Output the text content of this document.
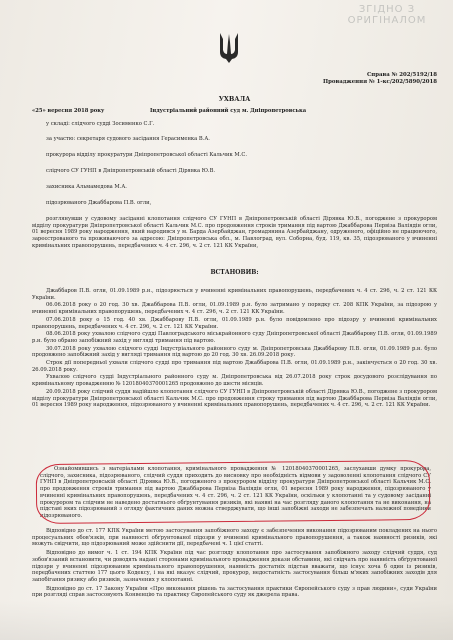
ЗГІДНО З
ОРИГІНАЛОМ

Справа № 202/5192/18

Провадження № 1-кс/202/5890/2018

УХВАЛА

«25» вересня 2018 року	Індустріальний районний суд м. Дніпропетровська

у складі: слідчого судді Зосименко С.Г.

за участю: секретаря судового засідання Герасименка В.А.

прокурора відділу прокуратури Дніпропетровської області Кальчик М.С.

слідчого СУ ГУНП в Дніпропетровській області Дірявка Ю.В.

захисника Альмамедова М.А.

підозрюваного Джаббарова П.В. огли,

розглянувши у судовому засіданні клопотання слідчого СУ ГУНП в Дніпропетровській області Дірявка Ю.В., погоджене з прокурором відділу прокуратури Дніпропетровської області Кальчик М.С. про продовження строків тримання під вартою Джаббарова Первіза Валіядін огли, 01 вересня 1989 року народження, який народився у м. Барда Азербайджан, громадянина Азербайджану, одруженого, офіційно не працюючого, зареєстрованого та проживаючого за адресою: Дніпропетровська обл., м. Павлоград, вул. Соборна, буд. 119, кв. 35, підозрюваного у вчиненні кримінальних правопорушень, передбачених ч. 4 ст. 296, ч. 2 ст. 121 КК України,

ВСТАНОВИВ:

Джаббаров П.В. огли, 01.09.1989 р.н., підозрюється у вчиненні кримінальних правопорушень, передбачених ч. 4 ст. 296, ч. 2 ст. 121 КК України.

06.06.2018 року о 20 год. 30 хв. Джаббарова П.В. огли, 01.09.1989 р.н. було затримано у порядку ст. 208 КПК України, за підозрою у вчиненні кримінальних правопорушень, передбачених ч. 4 ст. 296, ч. 2 ст. 121 КК України.

07.06.2018 року о 15 год. 40 хв. Джаббарову П.В. огли, 01.09.1989 р.н. було повідомлено про підозру у вчиненні кримінальних правопорушень, передбачених ч. 4 ст. 296, ч. 2 ст. 121 КК України.

08.06.2018 року ухвалою слідчого судді Павлоградського міськрайонного суду Дніпропетровської області Джаббарову П.В. огли, 01.09.1989 р.н. було обрано запобіжний захід у вигляді тримання під вартою.

30.07.2018 року ухвалою слідчого судді Індустріального районного суду м. Дніпропетровська Джаббарову П.В. огли, 01.09.1989 р.н. було продовжено запобіжний захід у вигляді тримання під вартою до 20 год. 30 хв. 26.09.2018 року.

Строк дії попередньої ухвали слідчого судді про тримання під вартою Джаббарова П.В. огли, 01.09.1989 р.н., закінчується о 20 год. 30 хв. 26.09.2018 року.

Ухвалою слідчого судді Індустріального районного суду м. Дніпропетровська від 26.07.2018 року строк досудового розслідування по кримінальному провадженню № 12018040370001265 продовжено до шести місяців.

20.09.2018 року слідчий суддя надійшло клопотання слідчого СУ ГУНП в Дніпропетровській області Дірявка Ю.В., погоджене з прокурором відділу прокуратури Дніпропетровської області Кальчик М.С. про продовження строку тримання під вартою Джаббарова Первіза Валіядін огли, 01 вересня 1989 року народження, підозрюваного у вчиненні кримінальних правопорушень, передбачених ч. 4 ст. 296, ч. 2 ст. 121 КК України.

Ознайомившись з матеріалами клопотання, кримінального провадження № 12018040370001265, заслухавши думку прокурора, слідчого, захисника, підозрюваного, слідчий суддя приходить до висновку про необхідність відмови у задоволенні клопотання слідчого СУ ГУНП в Дніпропетровській області Дірявка Ю.В., погодженого з прокурором відділу прокуратури Дніпропетровської області Кальчик М.С. про продовження строків тримання під вартою Джаббарова Первіза Валіядін огли, 01 вересня 1989 року народження, підозрюваного у вчиненні кримінальних правопорушень, передбачених ч. 4 ст. 296, ч. 2 ст. 121 КК України, оскільки у клопотанні та у судовому засіданні прокурором та слідчим не наведено достатнього обґрунтування ризиків, які наявні на час розгляду даного клопотання та не виконання, на підставі яких підозрюваний з огляду фактичних даних можна стверджувати, що інші запобіжні заходи не забезпечать належної поведінки підозрюваного.

Відповідно до ст. 177 КПК України метою застосування запобіжного заходу є забезпечення виконання підозрюваним покладених на нього процесуальних обов'язків, при наявності обґрунтованої підозри у вчиненні кримінального правопорушення, а також наявності ризиків, які можуть свідчити, що підозрюваний може здійснити дії, передбачені ч. 1 цієї статті.

Відповідно до вимог ч. 1 ст. 194 КПК України під час розгляду клопотання про застосування запобіжного заходу слідчий суддя, суд зобов'язаний встановити, чи доводять надані сторонами кримінального провадження докази обставини, які свідчать про наявність обґрунтованої підозри у вчиненні підозрюваним кримінального правопорушення, наявність достатніх підстав вважати, що існує хоча б один із ризиків, передбачених статтею 177 цього Кодексу, і на які вказує слідчий, прокурор, недостатність застосування більш м'яких запобіжних заходів для запобігання ризику або ризиків, зазначених у клопотанні.

Відповідно до ст. 17 Закону України «Про виконання рішень та застосування практики Європейського суду з прав людини», суди України при розгляді справ застосовують Конвенцію та практику Європейського суду як джерела права.
